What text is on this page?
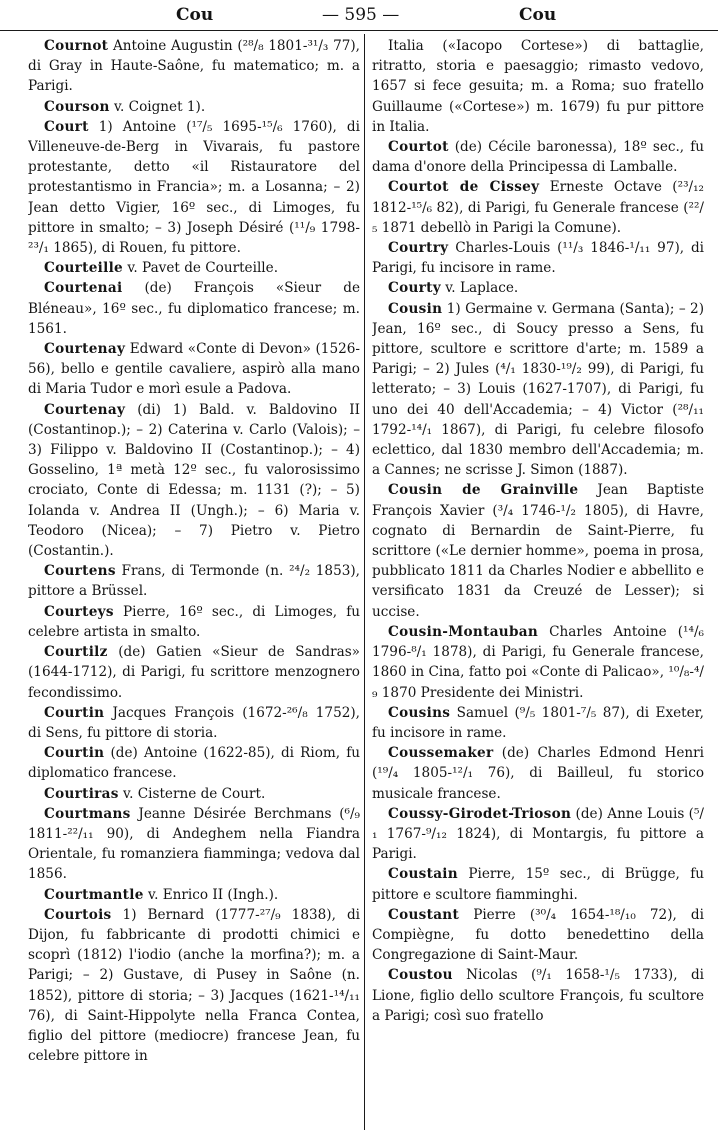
Cou	— 595 —	Cou

Cournot Antoine Augustin (²⁸/₈ 1801-³¹/₃ 77), di Gray in Haute-Saône, fu matematico; m. a Parigi.

Courson v. Coignet 1).

Court 1) Antoine (¹⁷/₅ 1695-¹⁵/₆ 1760), di Villeneuve-de-Berg in Vivarais, fu pastore protestante, detto «il Ristauratore del protestantismo in Francia»; m. a Losanna; – 2) Jean detto Vigier, 16º sec., di Limoges, fu pittore in smalto; – 3) Joseph Désiré (¹¹/₉ 1798-²³/₁ 1865), di Rouen, fu pittore.

Courteille v. Pavet de Courteille.

Courtenai (de) François «Sieur de Bléneau», 16º sec., fu diplomatico francese; m. 1561.

Courtenay Edward «Conte di Devon» (1526-56), bello e gentile cavaliere, aspirò alla mano di Maria Tudor e morì esule a Padova.

Courtenay (di) 1) Bald. v. Baldovino II (Costantinop.); – 2) Caterina v. Carlo (Valois); – 3) Filippo v. Baldovino II (Costantinop.); – 4) Gosselino, 1ª metà 12º sec., fu valorosissimo crociato, Conte di Edessa; m. 1131 (?); – 5) Iolanda v. Andrea II (Ungh.); – 6) Maria v. Teodoro (Nicea); – 7) Pietro v. Pietro (Costantin.).

Courtens Frans, di Termonde (n. ²⁴/₂ 1853), pittore a Brüssel.

Courteys Pierre, 16º sec., di Limoges, fu celebre artista in smalto.

Courtilz (de) Gatien «Sieur de Sandras» (1644-1712), di Parigi, fu scrittore menzognero fecondissimo.

Courtin Jacques François (1672-²⁶/₈ 1752), di Sens, fu pittore di storia.

Courtin (de) Antoine (1622-85), di Riom, fu diplomatico francese.

Courtiras v. Cisterne de Court.

Courtmans Jeanne Désirée Berchmans (⁶/₉ 1811-²²/₁₁ 90), di Andeghem nella Fiandra Orientale, fu romanziera fiamminga; vedova dal 1856.

Courtmantle v. Enrico II (Ingh.).

Courtois 1) Bernard (1777-²⁷/₉ 1838), di Dijon, fu fabbricante di prodotti chimici e scoprì (1812) l'iodio (anche la morfina?); m. a Parigi; – 2) Gustave, di Pusey in Saône (n. 1852), pittore di storia; – 3) Jacques (1621-¹⁴/₁₁ 76), di Saint-Hippolyte nella Franca Contea, figlio del pittore (mediocre) francese Jean, fu celebre pittore in

Italia («Iacopo Cortese») di battaglie, ritratto, storia e paesaggio; rimasto vedovo, 1657 si fece gesuita; m. a Roma; suo fratello Guillaume («Cortese») m. 1679) fu pur pittore in Italia.

Courtot (de) Cécile baronessa), 18º sec., fu dama d'onore della Principessa di Lamballe.

Courtot de Cissey Erneste Octave (²³/₁₂ 1812-¹⁵/₆ 82), di Parigi, fu Generale francese (²²/₅ 1871 debellò in Parigi la Comune).

Courtry Charles-Louis (¹¹/₃ 1846-¹/₁₁ 97), di Parigi, fu incisore in rame.

Courty v. Laplace.

Cousin 1) Germaine v. Germana (Santa); – 2) Jean, 16º sec., di Soucy presso a Sens, fu pittore, scultore e scrittore d'arte; m. 1589 a Parigi; – 2) Jules (⁴/₁ 1830-¹⁹/₂ 99), di Parigi, fu letterato; – 3) Louis (1627-1707), di Parigi, fu uno dei 40 dell'Accademia; – 4) Victor (²⁸/₁₁ 1792-¹⁴/₁ 1867), di Parigi, fu celebre filosofo eclettico, dal 1830 membro dell'Accademia; m. a Cannes; ne scrisse J. Simon (1887).

Cousin de Grainville Jean Baptiste François Xavier (³/₄ 1746-¹/₂ 1805), di Havre, cognato di Bernardin de Saint-Pierre, fu scrittore («Le dernier homme», poema in prosa, pubblicato 1811 da Charles Nodier e abbellito e versificato 1831 da Creuzé de Lesser); si uccise.

Cousin-Montauban Charles Antoine (¹⁴/₆ 1796-⁸/₁ 1878), di Parigi, fu Generale francese, 1860 in Cina, fatto poi «Conte di Palicao», ¹⁰/₈-⁴/₉ 1870 Presidente dei Ministri.

Cousins Samuel (⁹/₅ 1801-⁷/₅ 87), di Exeter, fu incisore in rame.

Coussemaker (de) Charles Edmond Henri (¹⁹/₄ 1805-¹²/₁ 76), di Bailleul, fu storico musicale francese.

Coussy-Girodet-Trioson (de) Anne Louis (⁵/₁ 1767-⁹/₁₂ 1824), di Montargis, fu pittore a Parigi.

Coustain Pierre, 15º sec., di Brügge, fu pittore e scultore fiamminghi.

Coustant Pierre (³⁰/₄ 1654-¹⁸/₁₀ 72), di Compiègne, fu dotto benedettino della Congregazione di Saint-Maur.

Coustou Nicolas (⁹/₁ 1658-¹/₅ 1733), di Lione, figlio dello scultore François, fu scultore a Parigi; così suo fratello
